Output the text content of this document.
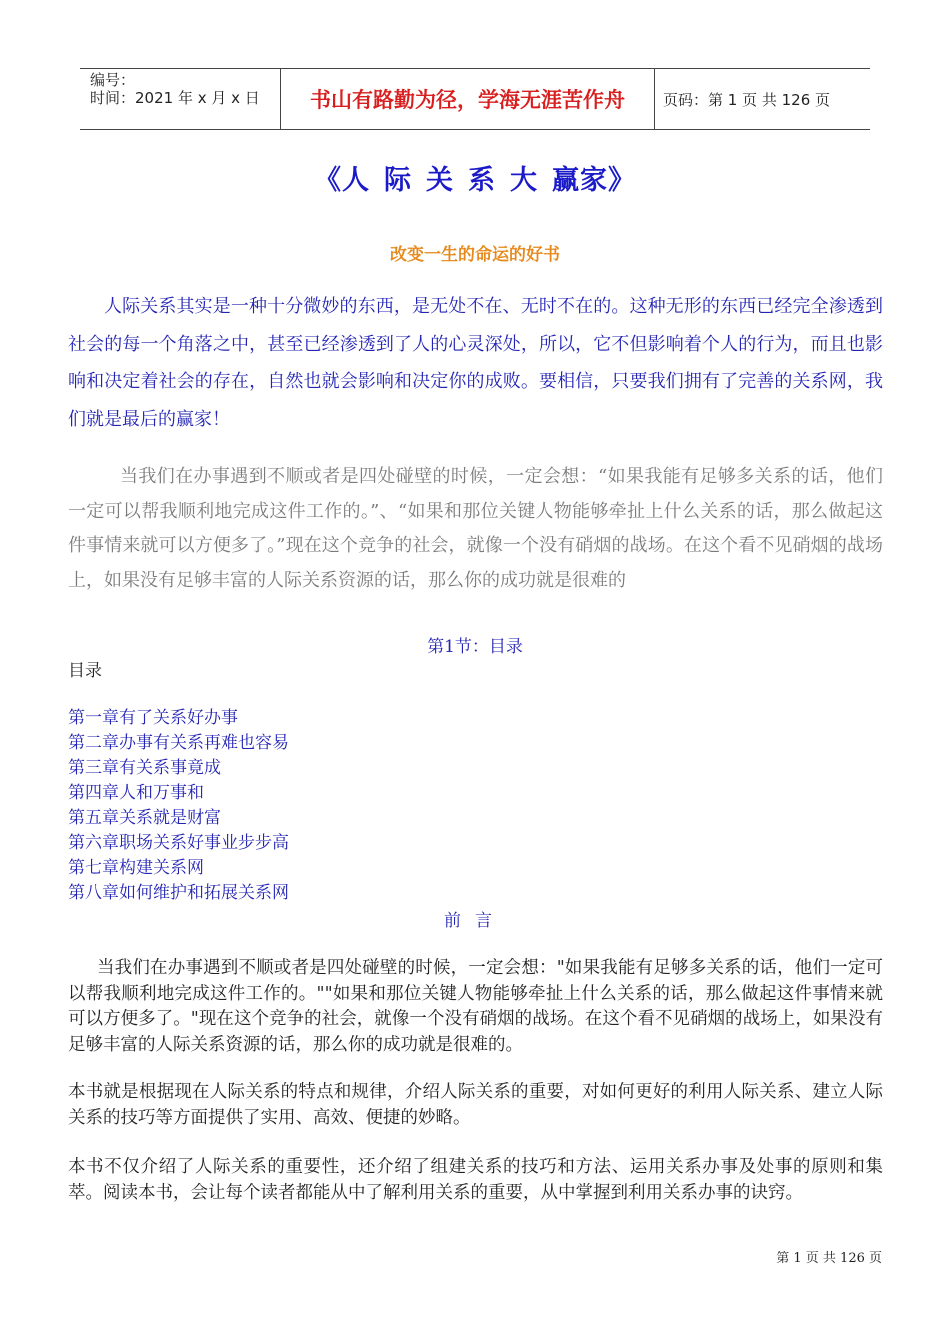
编号：
时间：2021 年 x 月 x 日	书山有路勤为径，学海无涯苦作舟	页码：第 1 页 共 126 页
《人际关系大赢家》
改变一生的命运的好书

人际关系其实是一种十分微妙的东西，是无处不在、无时不在的。这种无形的东西已经完全渗透到社会的每一个角落之中，甚至已经渗透到了人的心灵深处，所以，它不但影响着个人的行为，而且也影响和决定着社会的存在，自然也就会影响和决定你的成败。要相信，只要我们拥有了完善的关系网，我们就是最后的赢家！

当我们在办事遇到不顺或者是四处碰壁的时候，一定会想：“如果我能有足够多关系的话，他们一定可以帮我顺利地完成这件工作的。”、“如果和那位关键人物能够牵扯上什么关系的话，那么做起这件事情来就可以方便多了。”现在这个竞争的社会，就像一个没有硝烟的战场。在这个看不见硝烟的战场上，如果没有足够丰富的人际关系资源的话，那么你的成功就是很难的

第1节：目录
目录
第一章有了关系好办事
第二章办事有关系再难也容易
第三章有关系事竟成
第四章人和万事和
第五章关系就是财富
第六章职场关系好事业步步高
第七章构建关系网
第八章如何维护和拓展关系网
前言

当我们在办事遇到不顺或者是四处碰壁的时候，一定会想："如果我能有足够多关系的话，他们一定可以帮我顺利地完成这件工作的。""如果和那位关键人物能够牵扯上什么关系的话，那么做起这件事情来就可以方便多了。"现在这个竞争的社会，就像一个没有硝烟的战场。在这个看不见硝烟的战场上，如果没有足够丰富的人际关系资源的话，那么你的成功就是很难的。

本书就是根据现在人际关系的特点和规律，介绍人际关系的重要，对如何更好的利用人际关系、建立人际关系的技巧等方面提供了实用、高效、便捷的妙略。

本书不仅介绍了人际关系的重要性，还介绍了组建关系的技巧和方法、运用关系办事及处事的原则和集萃。阅读本书，会让每个读者都能从中了解利用关系的重要，从中掌握到利用关系办事的诀窍。

第 1 页 共 126 页
